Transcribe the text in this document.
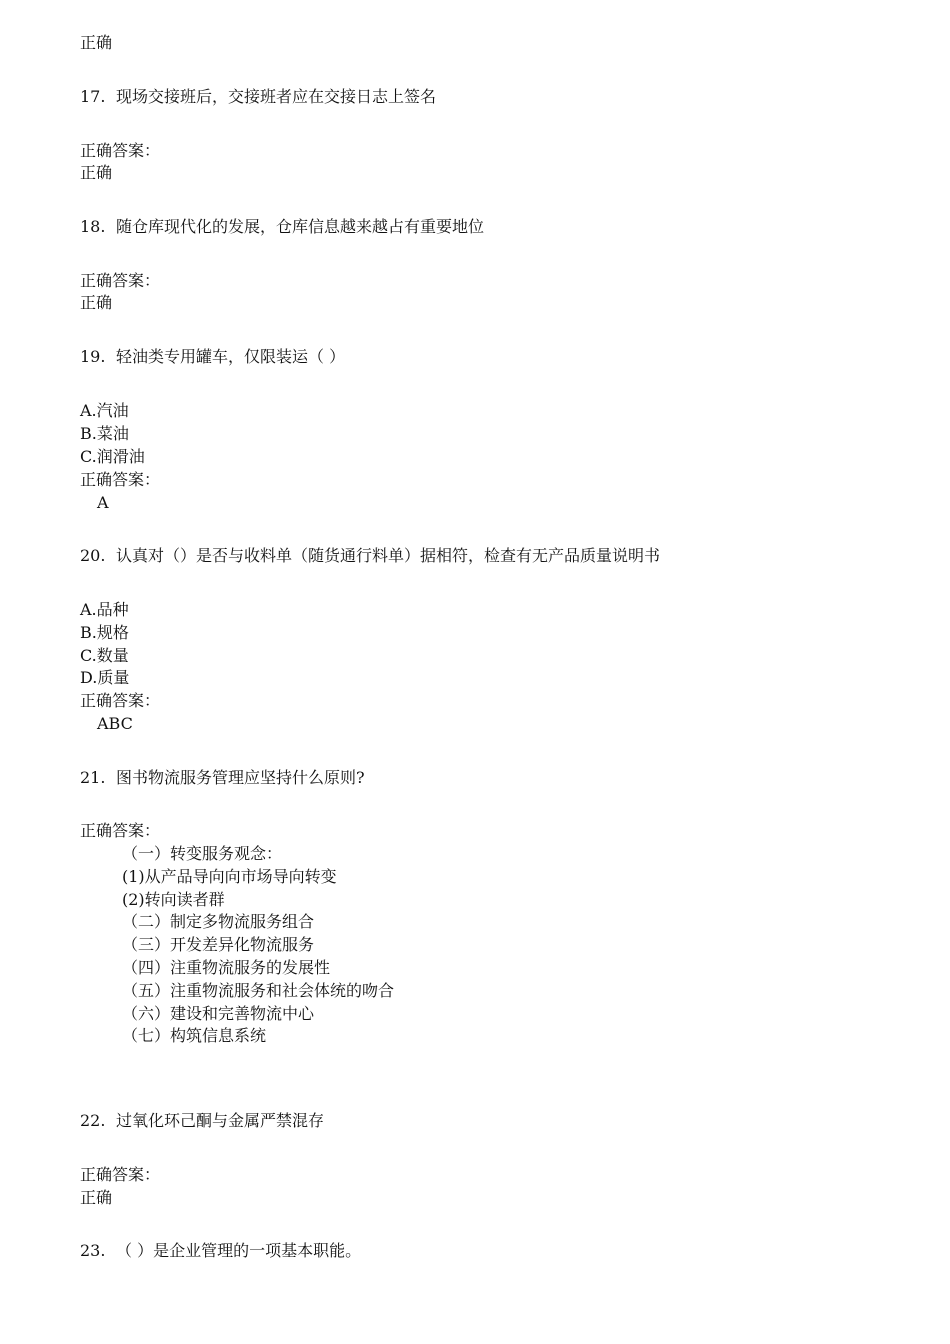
正确
17. 现场交接班后，交接班者应在交接日志上签名
正确答案：
正确
18. 随仓库现代化的发展，仓库信息越来越占有重要地位
正确答案：
正确
19. 轻油类专用罐车，仅限装运（ ）
A.汽油
B.菜油
C.润滑油
正确答案：
A
20. 认真对（）是否与收料单（随货通行料单）据相符，检查有无产品质量说明书
A.品种
B.规格
C.数量
D.质量
正确答案：
ABC
21. 图书物流服务管理应坚持什么原则?
正确答案：
（一）转变服务观念：
(1)从产品导向向市场导向转变
(2)转向读者群
（二）制定多物流服务组合
（三）开发差异化物流服务
（四）注重物流服务的发展性
（五）注重物流服务和社会体统的吻合
（六）建设和完善物流中心
（七）构筑信息系统
22. 过氧化环己酮与金属严禁混存
正确答案：
正确
23. （ ）是企业管理的一项基本职能。
